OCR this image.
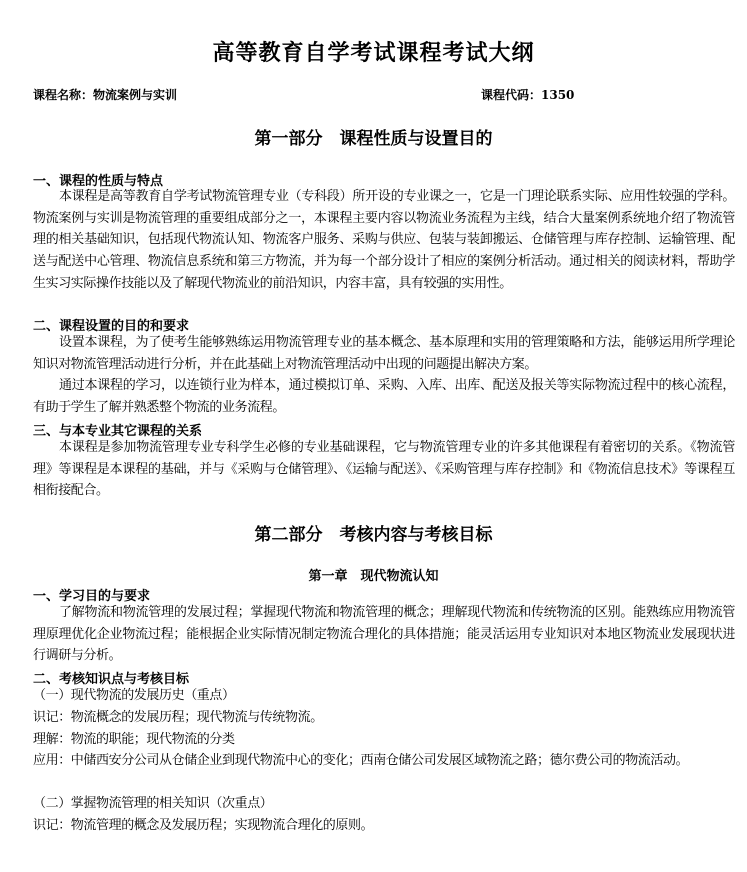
高等教育自学考试课程考试大纲
课程名称：物流案例与实训	课程代码：1350
第一部分　课程性质与设置目的
一、课程的性质与特点
本课程是高等教育自学考试物流管理专业（专科段）所开设的专业课之一，它是一门理论联系实际、应用性较强的学科。物流案例与实训是物流管理的重要组成部分之一，本课程主要内容以物流业务流程为主线，结合大量案例系统地介绍了物流管理的相关基础知识，包括现代物流认知、物流客户服务、采购与供应、包装与装卸搬运、仓储管理与库存控制、运输管理、配送与配送中心管理、物流信息系统和第三方物流，并为每一个部分设计了相应的案例分析活动。通过相关的阅读材料，帮助学生实习实际操作技能以及了解现代物流业的前沿知识，内容丰富，具有较强的实用性。
二、课程设置的目的和要求
设置本课程，为了使考生能够熟练运用物流管理专业的基本概念、基本原理和实用的管理策略和方法，能够运用所学理论知识对物流管理活动进行分析，并在此基础上对物流管理活动中出现的问题提出解决方案。
通过本课程的学习，以连锁行业为样本，通过模拟订单、采购、入库、出库、配送及报关等实际物流过程中的核心流程，有助于学生了解并熟悉整个物流的业务流程。
三、与本专业其它课程的关系
本课程是参加物流管理专业专科学生必修的专业基础课程，它与物流管理专业的许多其他课程有着密切的关系。《物流管理》等课程是本课程的基础，并与《采购与仓储管理》、《运输与配送》、《采购管理与库存控制》和《物流信息技术》等课程互相衔接配合。
第二部分　考核内容与考核目标
第一章　现代物流认知
一、学习目的与要求
了解物流和物流管理的发展过程；掌握现代物流和物流管理的概念；理解现代物流和传统物流的区别。能熟练应用物流管理原理优化企业物流过程；能根据企业实际情况制定物流合理化的具体措施；能灵活运用专业知识对本地区物流业发展现状进行调研与分析。
二、考核知识点与考核目标
（一）现代物流的发展历史（重点）
识记：物流概念的发展历程；现代物流与传统物流。
理解：物流的职能；现代物流的分类
应用：中储西安分公司从仓储企业到现代物流中心的变化；西南仓储公司发展区域物流之路；德尔费公司的物流活动。
（二）掌握物流管理的相关知识（次重点）
识记：物流管理的概念及发展历程；实现物流合理化的原则。
